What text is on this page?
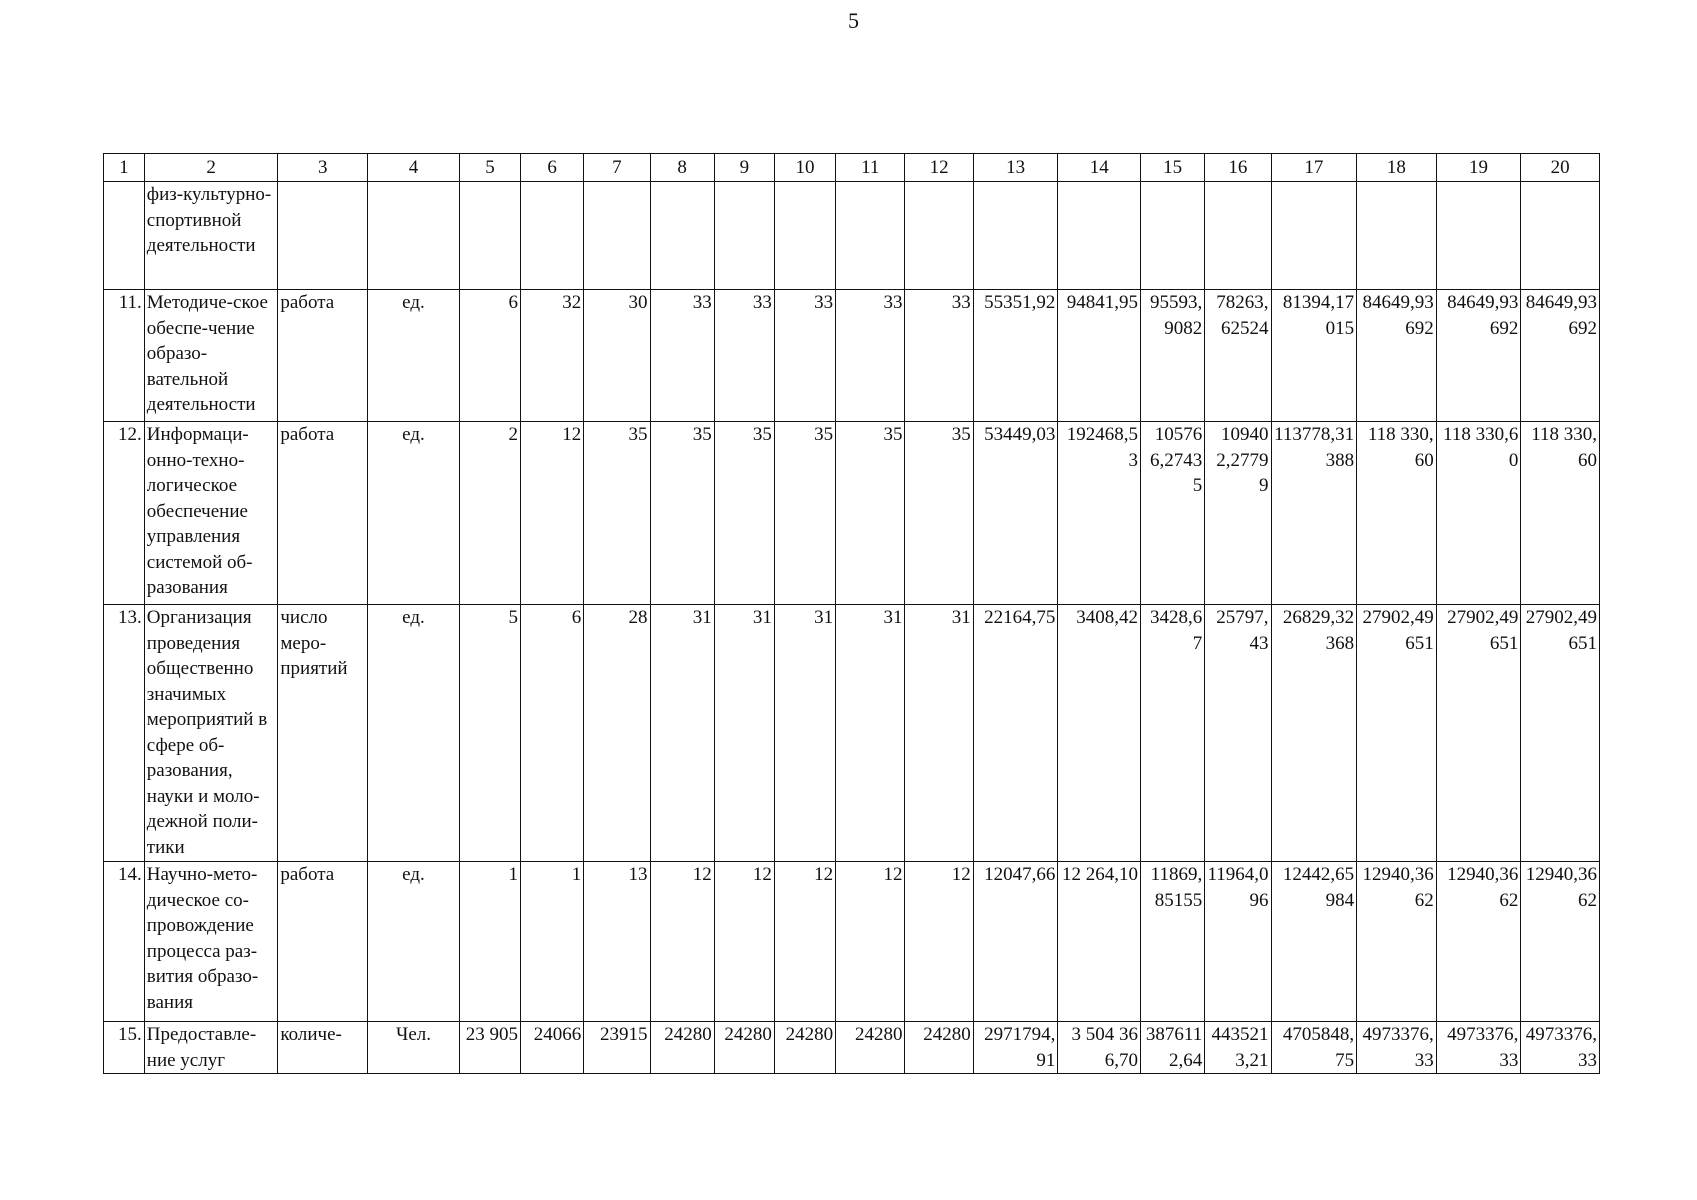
5
1	2	3	4	5	6	7	8	9	10	11	12	13	14	15	16	17	18	19	20
	физ-культурно-спортивной деятельности																		
11.	Методиче-ское обеспе-чение образо-вательной деятельности	работа	ед.	6	32	30	33	33	33	33	33	55351,92	94841,95	95593,9082	78263,62524	81394,17015	84649,93692	84649,93692	84649,93692
12.	Информаци-онно-техно-логическое обеспечение управления системой об-разования	работа	ед.	2	12	35	35	35	35	35	35	53449,03	192468,53	105766,27435	109402,27799	113778,31388	118 330,60	118 330,60	118 330,60
13.	Организация проведения общественно значимых мероприятий в сфере об-разования, науки и моло-дежной поли-тики	число меро-приятий	ед.	5	6	28	31	31	31	31	31	22164,75	3408,42	3428,67	25797,43	26829,32368	27902,49651	27902,49651	27902,49651
14.	Научно-мето-дическое со-провождение процесса раз-вития образо-вания	работа	ед.	1	1	13	12	12	12	12	12	12047,66	12 264,10	11869,85155	11964,096	12442,65984	12940,3662	12940,3662	12940,3662
15.	Предоставле-ние услуг	количе-	Чел.	23 905	24066	23915	24280	24280	24280	24280	24280	2971794,91	3 504 366,70	3876112,64	4435213,21	4705848,75	4973376,33	4973376,33	4973376,33
